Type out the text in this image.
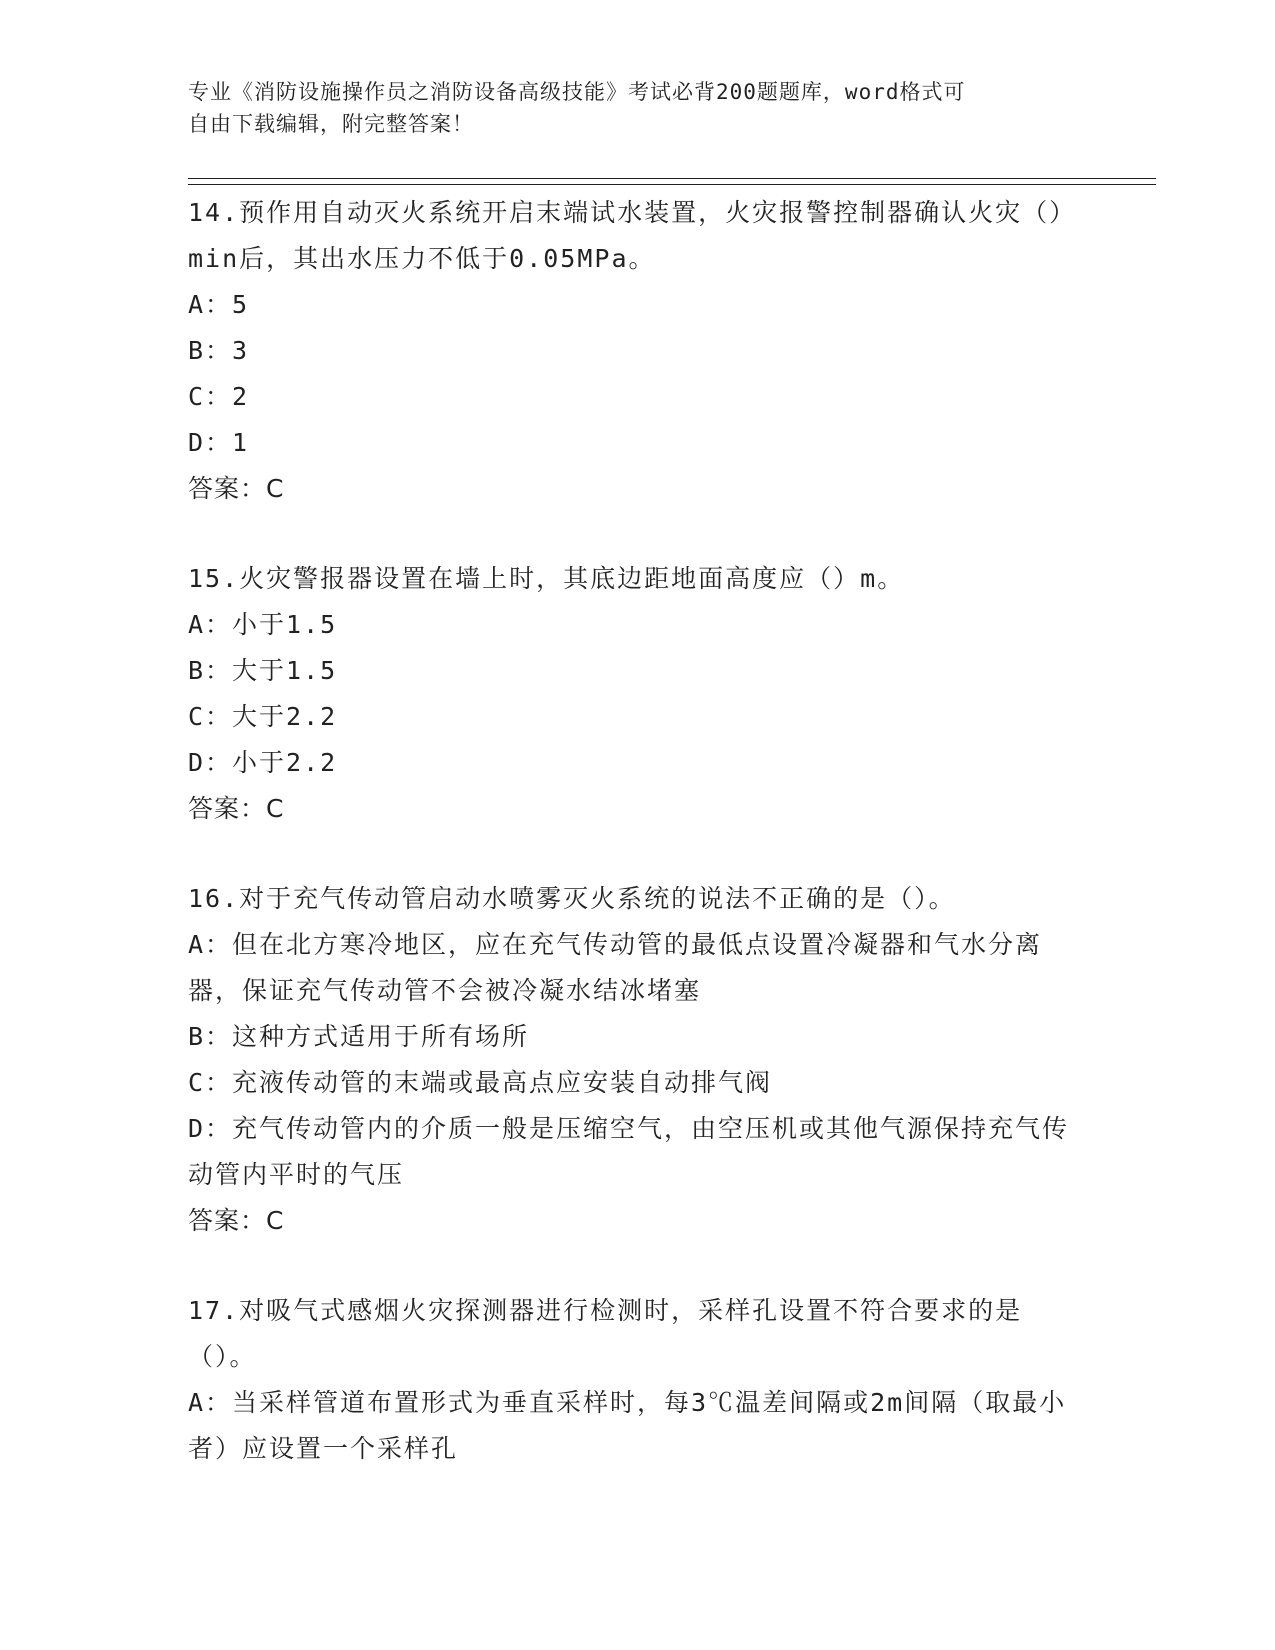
专业《消防设施操作员之消防设备高级技能》考试必背200题题库，word格式可
自由下载编辑，附完整答案！

14.预作用自动灭火系统开启末端试水装置，火灾报警控制器确认火灾（）min后，其出水压力不低于0.05MPa。

A：5

B：3

C：2

D：1

答案：C

15.火灾警报器设置在墙上时，其底边距地面高度应（）m。

A：小于1.5

B：大于1.5

C：大于2.2

D：小于2.2

答案：C

16.对于充气传动管启动水喷雾灭火系统的说法不正确的是（）。

A：但在北方寒冷地区，应在充气传动管的最低点设置冷凝器和气水分离器，保证充气传动管不会被冷凝水结冰堵塞

B：这种方式适用于所有场所

C：充液传动管的末端或最高点应安装自动排气阀

D：充气传动管内的介质一般是压缩空气，由空压机或其他气源保持充气传动管内平时的气压

答案：C

17.对吸气式感烟火灾探测器进行检测时，采样孔设置不符合要求的是（）。

A：当采样管道布置形式为垂直采样时，每3℃温差间隔或2m间隔（取最小者）应设置一个采样孔
